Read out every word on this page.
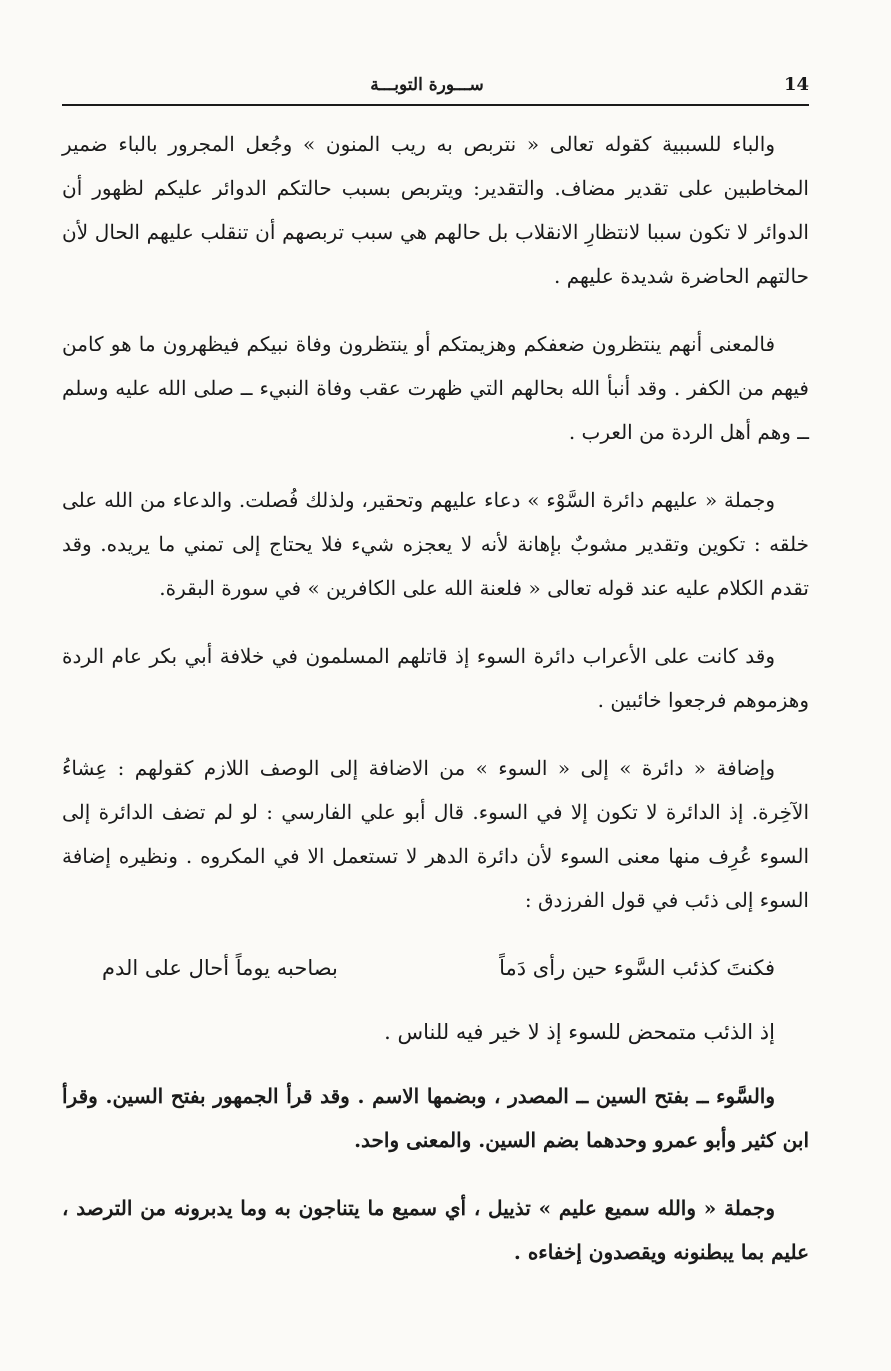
14
ســـورة التوبـــة

والباء للسببية كقوله تعالى « نتربص به ريب المنون » وجُعل المجرور بالباء ضمير المخاطبين على تقدير مضاف. والتقدير: ويتربص بسبب حالتكم الدوائر عليكم لظهور أن الدوائر لا تكون سببا لانتظارِ الانقلاب بل حالهم هي سبب تربصهم أن تنقلب عليهم الحال لأن حالتهم الحاضرة شديدة عليهم .

فالمعنى أنهم ينتظرون ضعفكم وهزيمتكم أو ينتظرون وفاة نبيكم فيظهرون ما هو كامن فيهم من الكفر . وقد أنبأ الله بحالهم التي ظهرت عقب وفاة النبيء ــ صلى الله عليه وسلم ــ وهم أهل الردة من العرب .

وجملة « عليهم دائرة السَّوْء » دعاء عليهم وتحقير، ولذلك فُصلت. والدعاء من الله على خلقه : تكوين وتقدير مشوبٌ بإهانة لأنه لا يعجزه شيء فلا يحتاج إلى تمني ما يريده. وقد تقدم الكلام عليه عند قوله تعالى « فلعنة الله على الكافرين » في سورة البقرة.

وقد كانت على الأعراب دائرة السوء إذ قاتلهم المسلمون في خلافة أبي بكر عام الردة وهزموهم فرجعوا خائبين .

وإضافة « دائرة » إلى « السوء » من الاضافة إلى الوصف اللازم كقولهم : عِشاءُ الآخِرة. إذ الدائرة لا تكون إلا في السوء. قال أبو علي الفارسي : لو لم تضف الدائرة إلى السوء عُرِف منها معنى السوء لأن دائرة الدهر لا تستعمل الا في المكروه . ونظيره إضافة السوء إلى ذئب في قول الفرزدق :

فكنتَ كذئب السَّوء حين رأى دَماً
بصاحبه يوماً أحال على الدم
إذ الذئب متمحض للسوء إذ لا خير فيه للناس .

والسَّوء ــ بفتح السين ــ المصدر ، وبضمها الاسم . وقد قرأ الجمهور بفتح السين. وقرأ ابن كثير وأبو عمرو وحدهما بضم السين. والمعنى واحد.

وجملة « والله سميع عليم » تذييل ، أي سميع ما يتناجون به وما يدبرونه من الترصد ، عليم بما يبطنونه ويقصدون إخفاءه .
